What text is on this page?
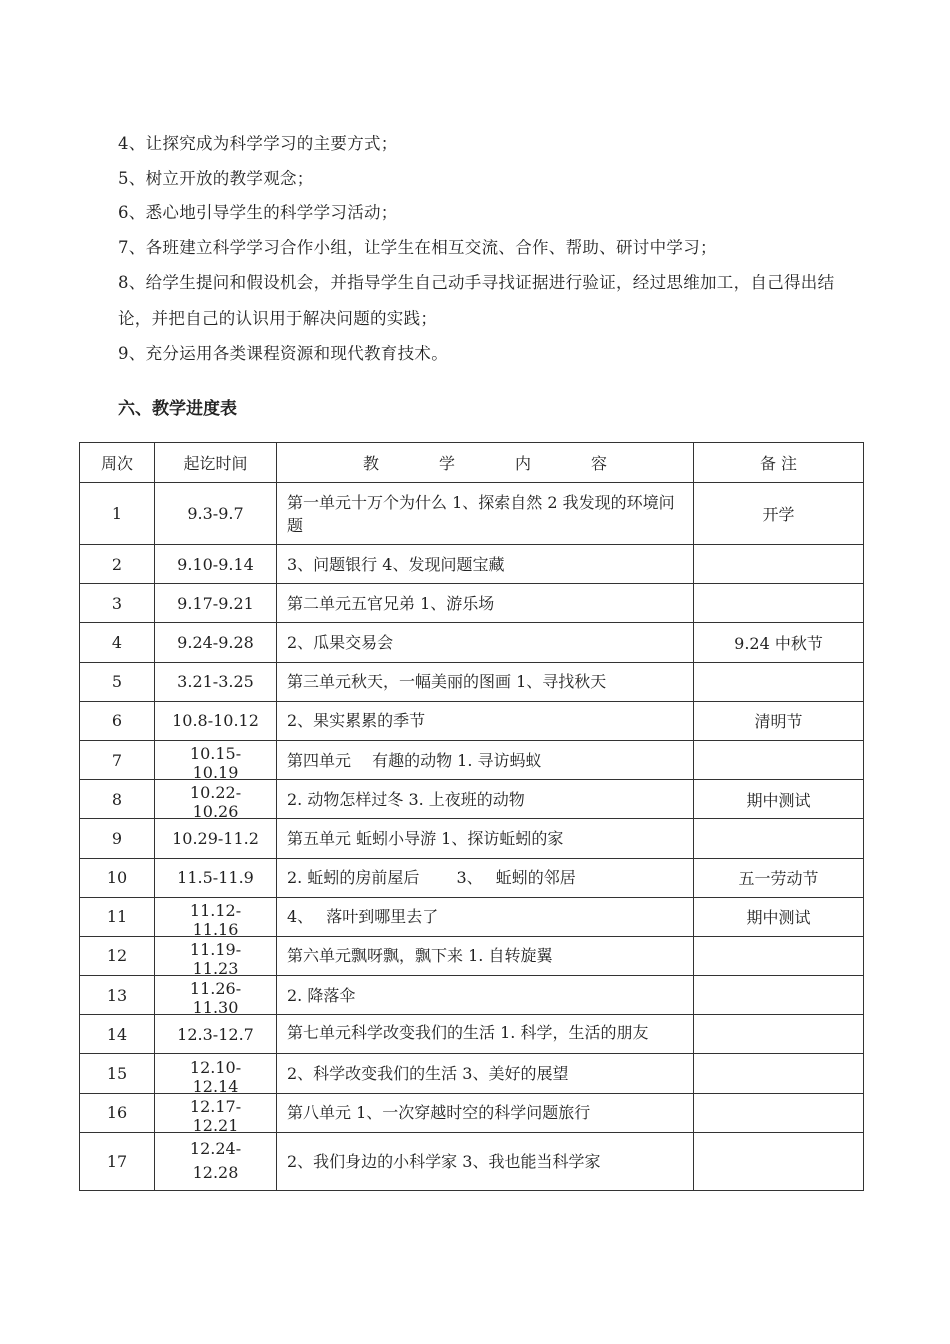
4、让探究成为科学学习的主要方式；

5、树立开放的教学观念；

6、悉心地引导学生的科学学习活动；

7、各班建立科学学习合作小组，让学生在相互交流、合作、帮助、研讨中学习；

8、给学生提问和假设机会，并指导学生自己动手寻找证据进行验证，经过思维加工，自己得出结论，并把自己的认识用于解决问题的实践；

9、充分运用各类课程资源和现代教育技术。

六、教学进度表
周次	起讫时间	教学内容	备 注
1	9.3-9.7	第一单元十万个为什么 1、探索自然 2 我发现的环境问题	开学
2	9.10-9.14	3、问题银行 4、发现问题宝藏	

3	9.17-9.21	第二单元五官兄弟 1、游乐场	

4	9.24-9.28	2、瓜果交易会	9.24 中秋节
5	3.21-3.25	第三单元秋天，一幅美丽的图画 1、寻找秋天	

6	10.8-10.12	2、果实累累的季节	清明节
7	10.15-10.19	第四单元　 有趣的动物 1. 寻访蚂蚁	

8	10.22-10.26	2. 动物怎样过冬 3. 上夜班的动物	期中测试
9	10.29-11.2	第五单元 蚯蚓小导游 1、探访蚯蚓的家	

10	11.5-11.9	2. 蚯蚓的房前屋后　　 3、　 蚯蚓的邻居	五一劳动节
11	11.12-11.16	4、　 落叶到哪里去了	期中测试
12	11.19-11.23	第六单元飘呀飘，飘下来 1. 自转旋翼	

13	11.26-11.30	2. 降落伞	

14	12.3-12.7	第七单元科学改变我们的生活 1. 科学，生活的朋友	

15	12.10-12.14	2、科学改变我们的生活 3、美好的展望	

16	12.17-12.21	第八单元 1、一次穿越时空的科学问题旅行	

17	12.24-12.28	2、我们身边的小科学家 3、我也能当科学家	
